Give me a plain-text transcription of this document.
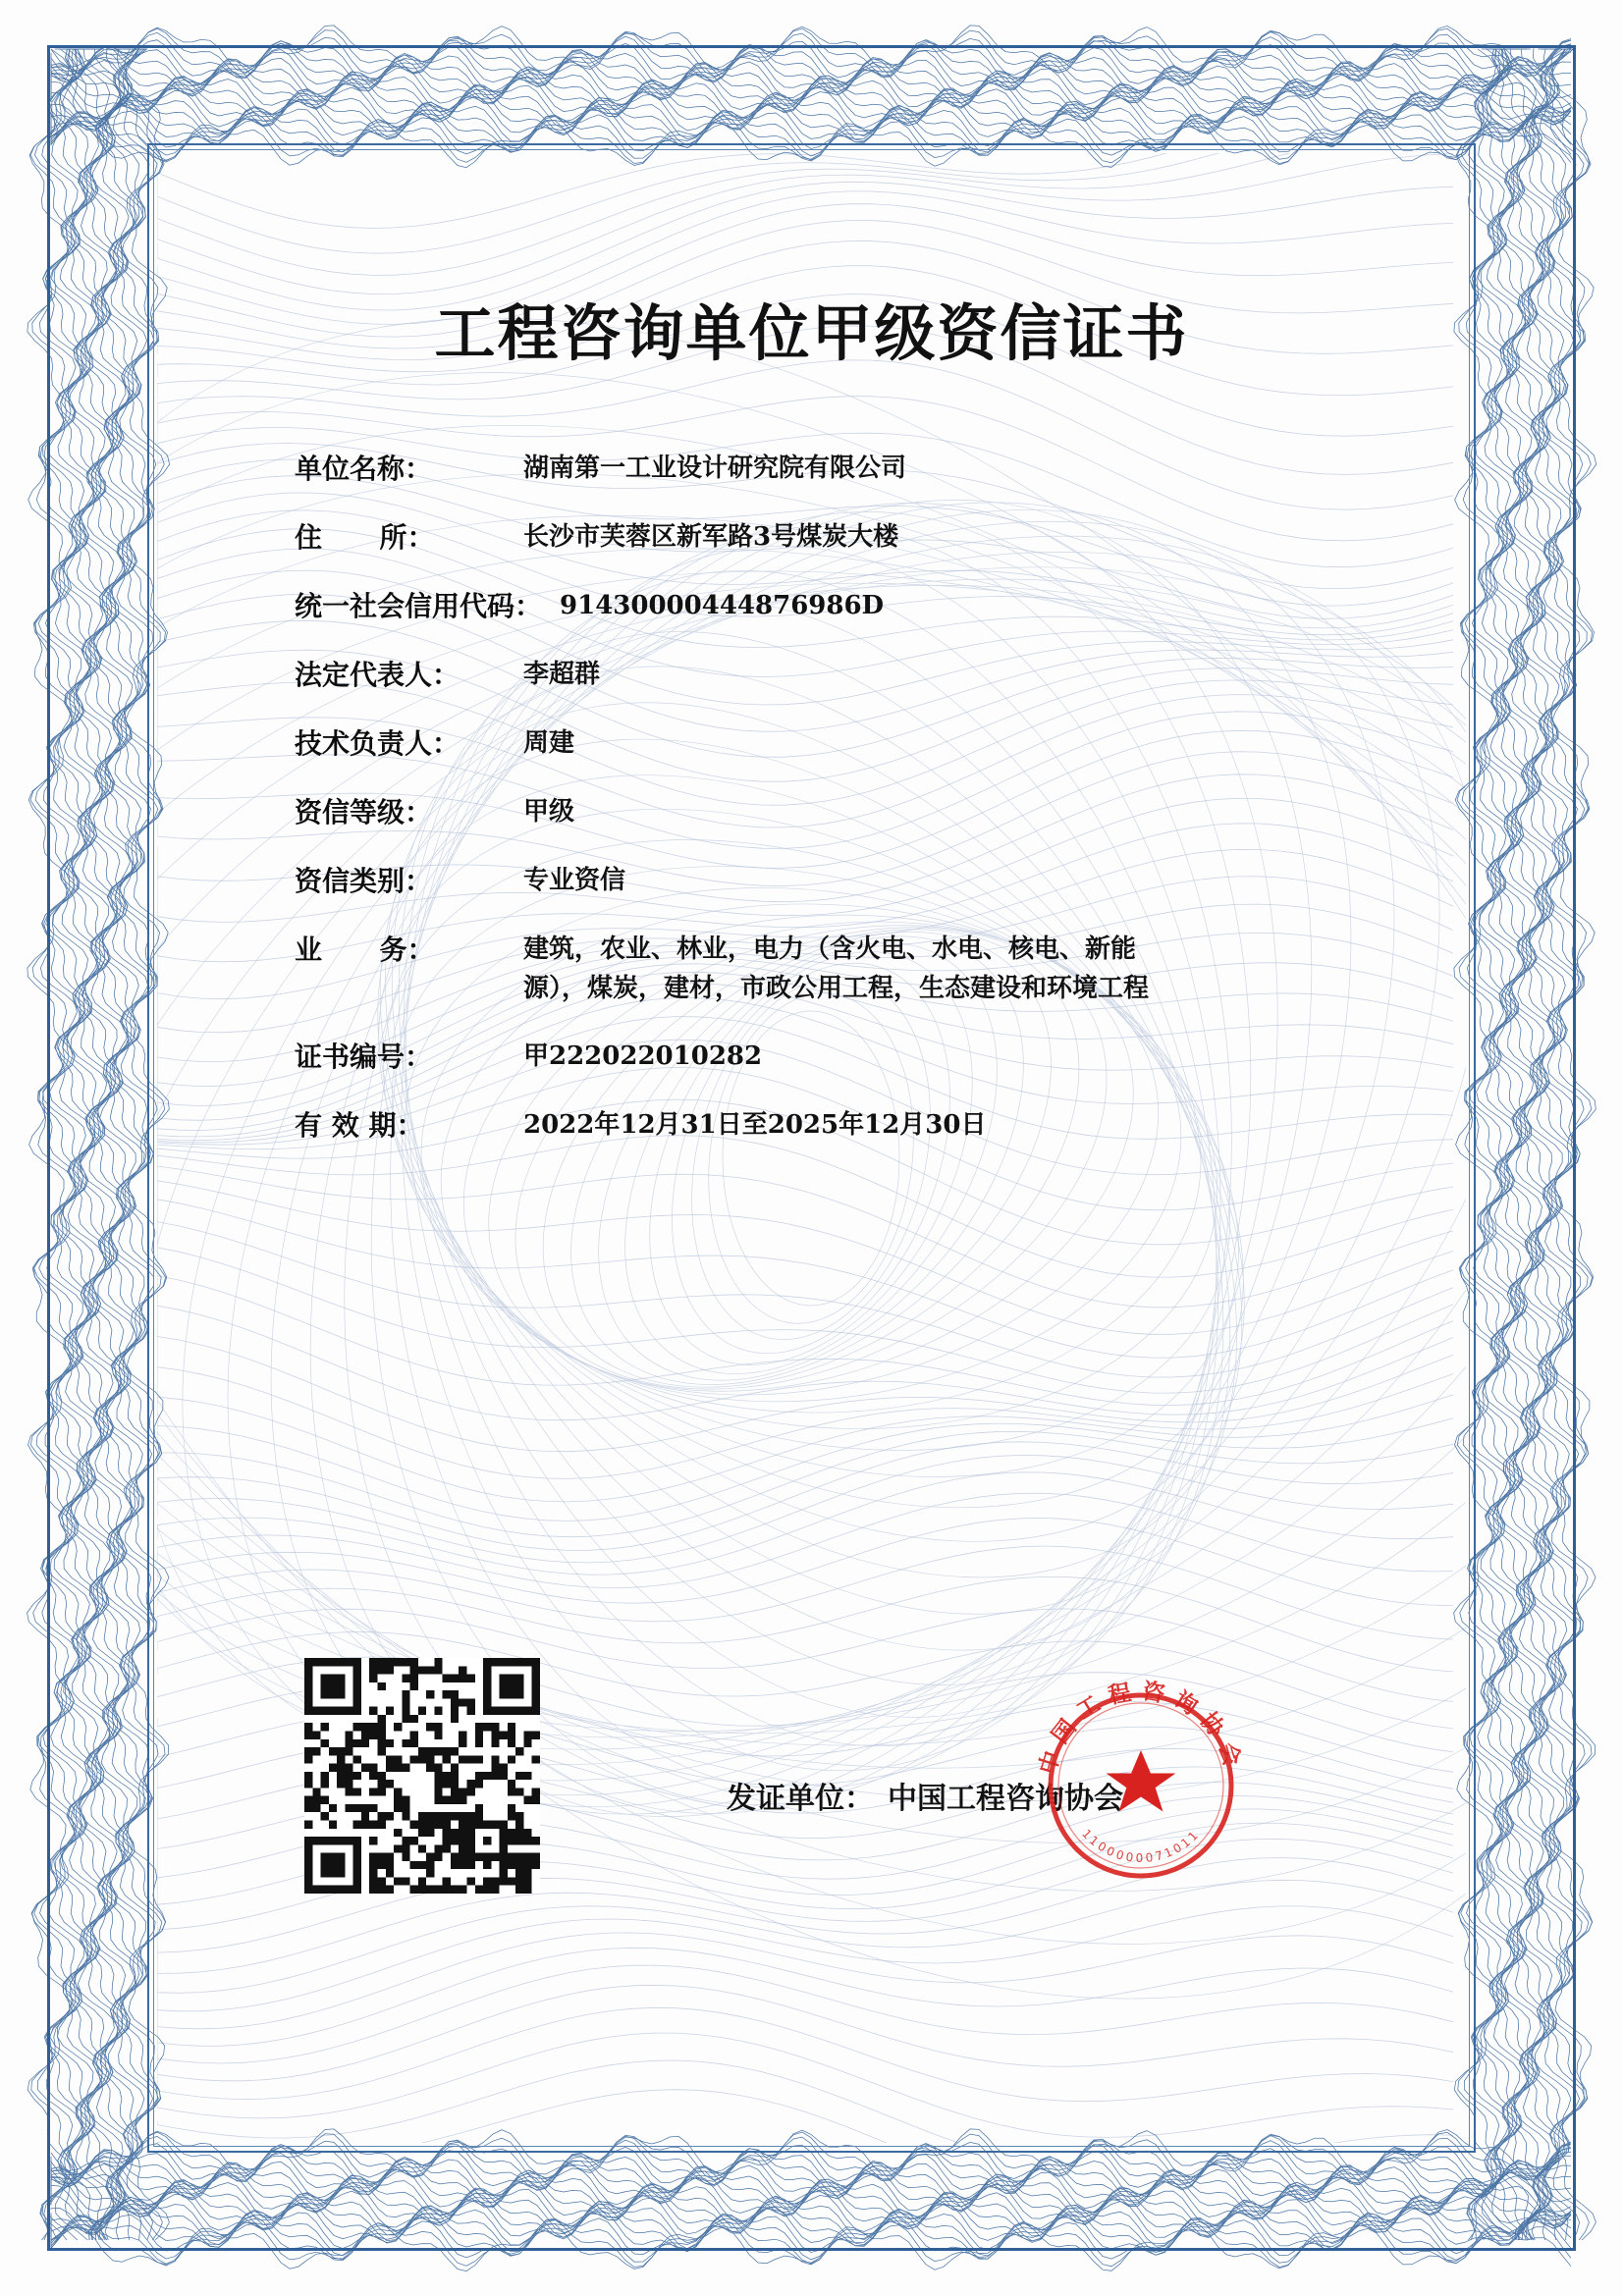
工程咨询单位甲级资信证书
单位名称：	湖南第一工业设计研究院有限公司
住      所：	长沙市芙蓉区新军路3号煤炭大楼
统一社会信用代码： 91430000444876986D
法定代表人：	李超群
技术负责人：	周建
资信等级：	甲级
资信类别：	专业资信
业      务：	建筑，农业、林业，电力（含火电、水电、核电、新能源），煤炭，建材，市政公用工程，生态建设和环境工程
证书编号：	甲222022010282
有 效 期：	2022年12月31日至2025年12月30日
发证单位： 中国工程咨询协会
中国工程咨询协会
1100000071011
